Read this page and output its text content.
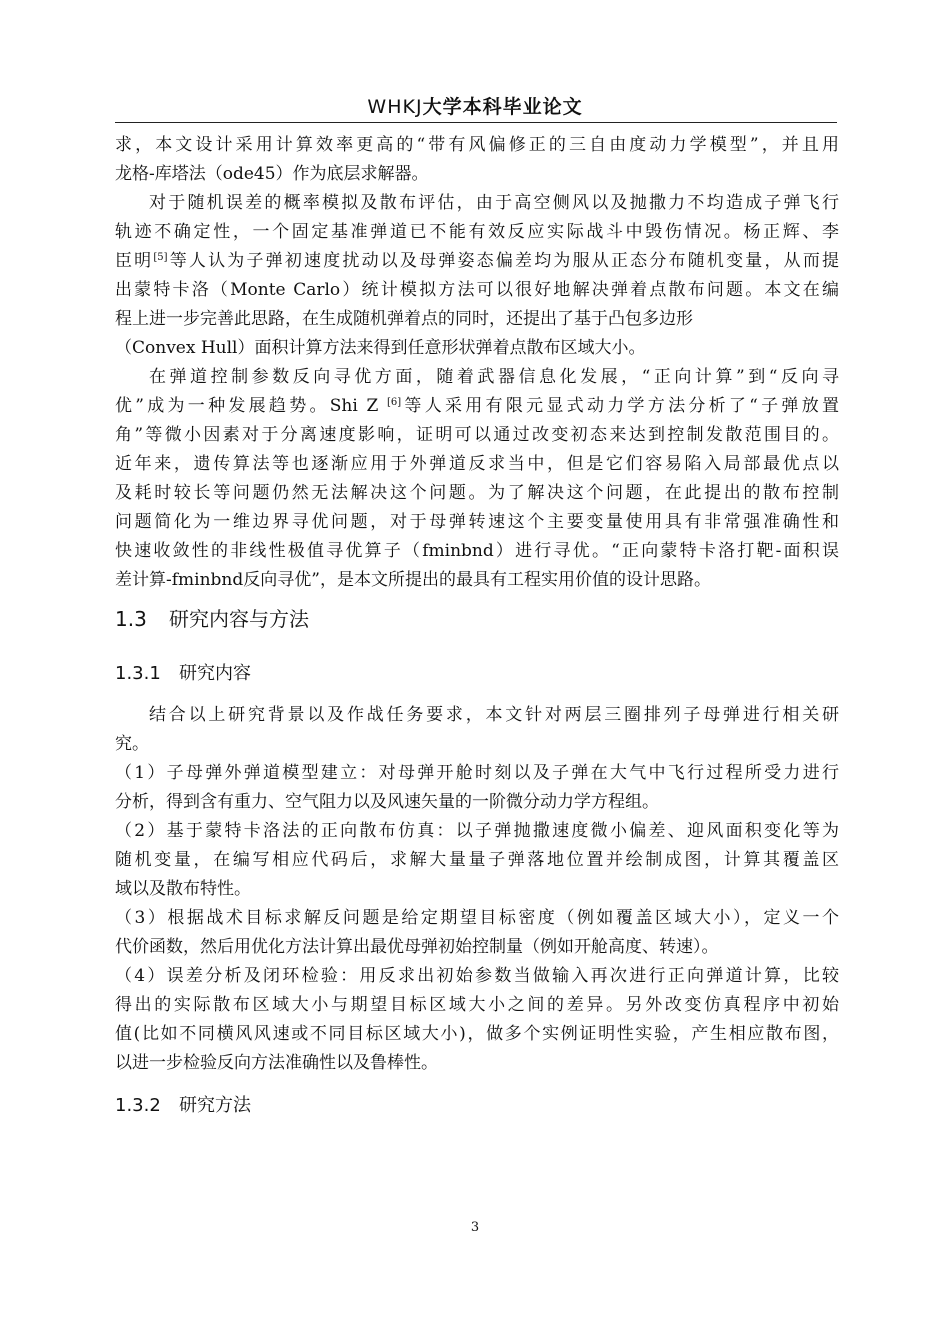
WHKJ大学本科毕业论文
求，本文设计采用计算效率更高的“带有风偏修正的三自由度动力学模型”，并且用
龙格-库塔法（ode45）作为底层求解器。
对于随机误差的概率模拟及散布评估，由于高空侧风以及抛撒力不均造成子弹飞行
轨迹不确定性，一个固定基准弹道已不能有效反应实际战斗中毁伤情况。杨正辉、李
臣明[5]等人认为子弹初速度扰动以及母弹姿态偏差均为服从正态分布随机变量，从而提
出蒙特卡洛（Monte Carlo）统计模拟方法可以很好地解决弹着点散布问题。本文在编
程上进一步完善此思路，在生成随机弹着点的同时，还提出了基于凸包多边形
（Convex Hull）面积计算方法来得到任意形状弹着点散布区域大小。
在弹道控制参数反向寻优方面，随着武器信息化发展，“正向计算”到“反向寻
优”成为一种发展趋势。Shi Z [6]等人采用有限元显式动力学方法分析了“子弹放置
角”等微小因素对于分离速度影响，证明可以通过改变初态来达到控制发散范围目的。
近年来，遗传算法等也逐渐应用于外弹道反求当中，但是它们容易陷入局部最优点以
及耗时较长等问题仍然无法解决这个问题。为了解决这个问题，在此提出的散布控制
问题简化为一维边界寻优问题，对于母弹转速这个主要变量使用具有非常强准确性和
快速收敛性的非线性极值寻优算子（fminbnd）进行寻优。“正向蒙特卡洛打靶-面积误
差计算-fminbnd反向寻优”，是本文所提出的最具有工程实用价值的设计思路。
1.3 研究内容与方法
1.3.1 研究内容
结合以上研究背景以及作战任务要求，本文针对两层三圈排列子母弹进行相关研
究。
（1）子母弹外弹道模型建立：对母弹开舱时刻以及子弹在大气中飞行过程所受力进行
分析，得到含有重力、空气阻力以及风速矢量的一阶微分动力学方程组。
（2）基于蒙特卡洛法的正向散布仿真：以子弹抛撒速度微小偏差、迎风面积变化等为
随机变量，在编写相应代码后，求解大量量子弹落地位置并绘制成图，计算其覆盖区
域以及散布特性。
（3）根据战术目标求解反问题是给定期望目标密度（例如覆盖区域大小），定义一个
代价函数，然后用优化方法计算出最优母弹初始控制量（例如开舱高度、转速）。
（4）误差分析及闭环检验：用反求出初始参数当做输入再次进行正向弹道计算，比较
得出的实际散布区域大小与期望目标区域大小之间的差异。另外改变仿真程序中初始
值(比如不同横风风速或不同目标区域大小)，做多个实例证明性实验，产生相应散布图，
以进一步检验反向方法准确性以及鲁棒性。
1.3.2 研究方法
3
